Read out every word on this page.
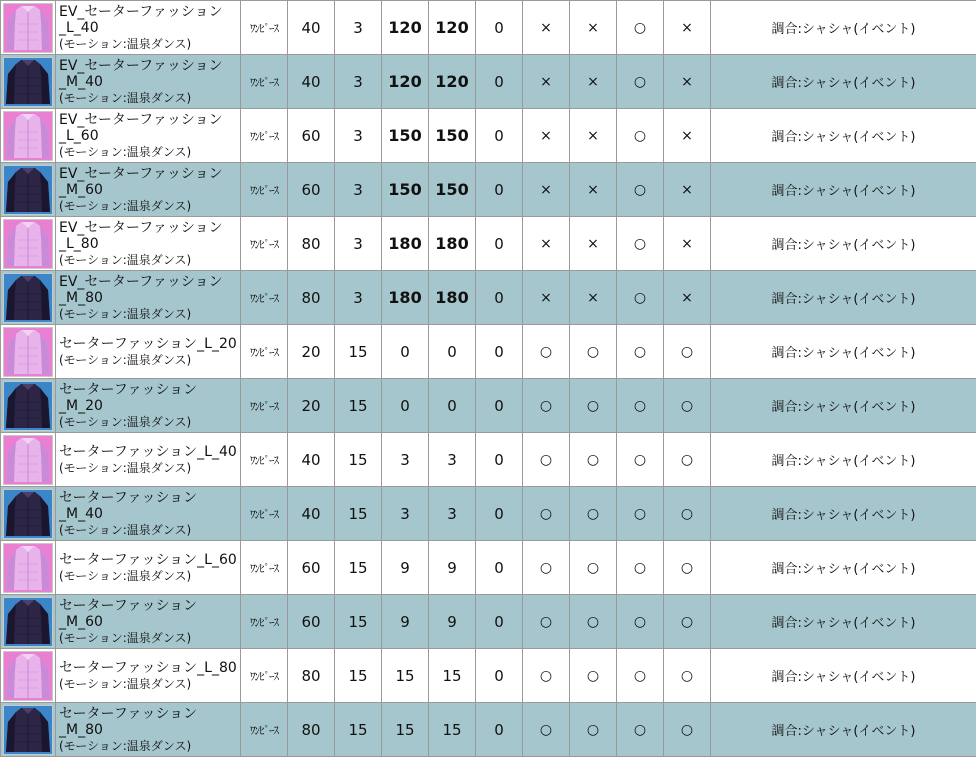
EV_セーターファッション_L_40
(モーション:温泉ダンス)	ﾜﾝﾋﾟｰｽ	40	3	120	120	0	×	×	○	×	調合:シャシャ(イベント)

EV_セーターファッション_M_40
(モーション:温泉ダンス)	ﾜﾝﾋﾟｰｽ	40	3	120	120	0	×	×	○	×	調合:シャシャ(イベント)

EV_セーターファッション_L_60
(モーション:温泉ダンス)	ﾜﾝﾋﾟｰｽ	60	3	150	150	0	×	×	○	×	調合:シャシャ(イベント)

EV_セーターファッション_M_60
(モーション:温泉ダンス)	ﾜﾝﾋﾟｰｽ	60	3	150	150	0	×	×	○	×	調合:シャシャ(イベント)

EV_セーターファッション_L_80
(モーション:温泉ダンス)	ﾜﾝﾋﾟｰｽ	80	3	180	180	0	×	×	○	×	調合:シャシャ(イベント)

EV_セーターファッション_M_80
(モーション:温泉ダンス)	ﾜﾝﾋﾟｰｽ	80	3	180	180	0	×	×	○	×	調合:シャシャ(イベント)

セーターファッション_L_20
(モーション:温泉ダンス)	ﾜﾝﾋﾟｰｽ	20	15	0	0	0	○	○	○	○	調合:シャシャ(イベント)

セーターファッション_M_20
(モーション:温泉ダンス)	ﾜﾝﾋﾟｰｽ	20	15	0	0	0	○	○	○	○	調合:シャシャ(イベント)

セーターファッション_L_40
(モーション:温泉ダンス)	ﾜﾝﾋﾟｰｽ	40	15	3	3	0	○	○	○	○	調合:シャシャ(イベント)

セーターファッション_M_40
(モーション:温泉ダンス)	ﾜﾝﾋﾟｰｽ	40	15	3	3	0	○	○	○	○	調合:シャシャ(イベント)

セーターファッション_L_60
(モーション:温泉ダンス)	ﾜﾝﾋﾟｰｽ	60	15	9	9	0	○	○	○	○	調合:シャシャ(イベント)

セーターファッション_M_60
(モーション:温泉ダンス)	ﾜﾝﾋﾟｰｽ	60	15	9	9	0	○	○	○	○	調合:シャシャ(イベント)

セーターファッション_L_80
(モーション:温泉ダンス)	ﾜﾝﾋﾟｰｽ	80	15	15	15	0	○	○	○	○	調合:シャシャ(イベント)

セーターファッション_M_80
(モーション:温泉ダンス)	ﾜﾝﾋﾟｰｽ	80	15	15	15	0	○	○	○	○	調合:シャシャ(イベント)
